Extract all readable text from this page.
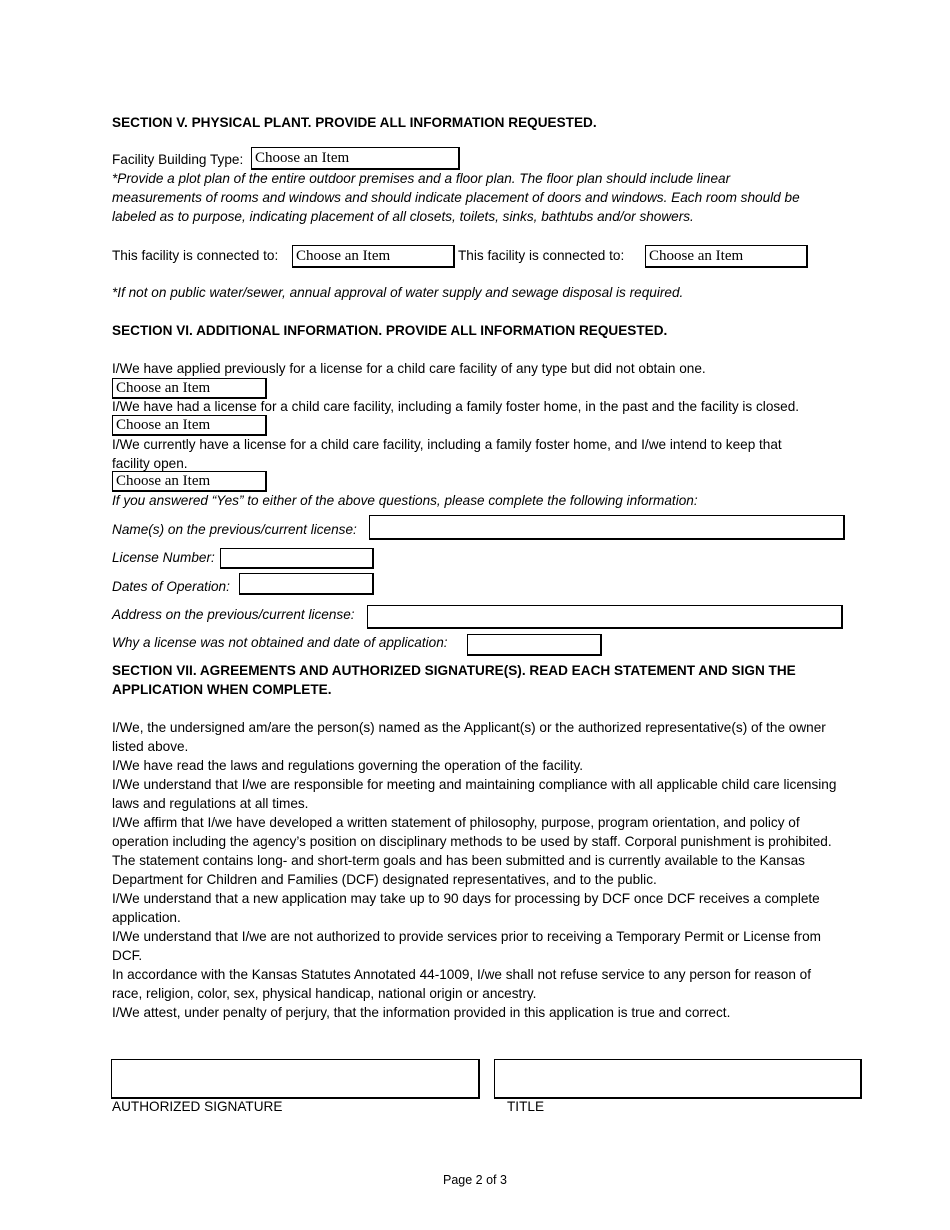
SECTION V. PHYSICAL PLANT. PROVIDE ALL INFORMATION REQUESTED.
Facility Building Type: Choose an Item
*Provide a plot plan of the entire outdoor premises and a floor plan. The floor plan should include linear
measurements of rooms and windows and should indicate placement of doors and windows. Each room should be
labeled as to purpose, indicating placement of all closets, toilets, sinks, bathtubs and/or showers.
This facility is connected to: Choose an Item	This facility is connected to: Choose an Item
*If not on public water/sewer, annual approval of water supply and sewage disposal is required.
SECTION VI. ADDITIONAL INFORMATION. PROVIDE ALL INFORMATION REQUESTED.
I/We have applied previously for a license for a child care facility of any type but did not obtain one.
Choose an Item
I/We have had a license for a child care facility, including a family foster home, in the past and the facility is closed.
Choose an Item
I/We currently have a license for a child care facility, including a family foster home, and I/we intend to keep that
facility open.
Choose an Item
If you answered “Yes” to either of the above questions, please complete the following information:
Name(s) on the previous/current license:
License Number:
Dates of Operation:
Address on the previous/current license:
Why a license was not obtained and date of application:
SECTION VII. AGREEMENTS AND AUTHORIZED SIGNATURE(S). READ EACH STATEMENT AND SIGN THE
APPLICATION WHEN COMPLETE.

I/We, the undersigned am/are the person(s) named as the Applicant(s) or the authorized representative(s) of the owner listed above.

I/We have read the laws and regulations governing the operation of the facility.

I/We understand that I/we are responsible for meeting and maintaining compliance with all applicable child care licensing laws and regulations at all times.

I/We affirm that I/we have developed a written statement of philosophy, purpose, program orientation, and policy of operation including the agency’s position on disciplinary methods to be used by staff. Corporal punishment is prohibited. The statement contains long- and short-term goals and has been submitted and is currently available to the Kansas Department for Children and Families (DCF) designated representatives, and to the public.

I/We understand that a new application may take up to 90 days for processing by DCF once DCF receives a complete application.

I/We understand that I/we are not authorized to provide services prior to receiving a Temporary Permit or License from DCF.

In accordance with the Kansas Statutes Annotated 44-1009, I/we shall not refuse service to any person for reason of race, religion, color, sex, physical handicap, national origin or ancestry.

I/We attest, under penalty of perjury, that the information provided in this application is true and correct.

AUTHORIZED SIGNATURE	TITLE
Page 2 of 3
